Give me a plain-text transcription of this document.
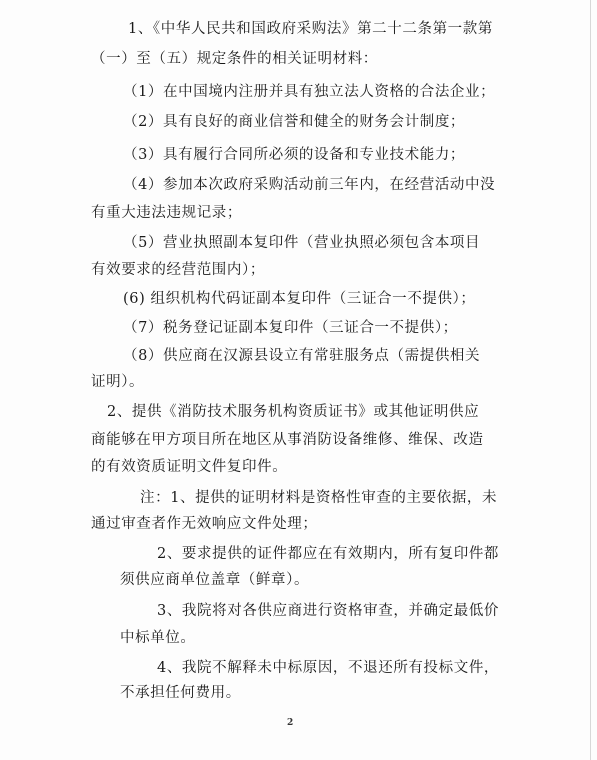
1、《中华人民共和国政府采购法》第二十二条第一款第
（一）至（五）规定条件的相关证明材料：
（1）在中国境内注册并具有独立法人资格的合法企业；
（2）具有良好的商业信誉和健全的财务会计制度；
（3）具有履行合同所必须的设备和专业技术能力；
（4）参加本次政府采购活动前三年内，在经营活动中没
有重大违法违规记录；
（5）营业执照副本复印件（营业执照必须包含本项目
有效要求的经营范围内）；
(6) 组织机构代码证副本复印件（三证合一不提供）；
（7）税务登记证副本复印件（三证合一不提供）；
（8）供应商在汉源县设立有常驻服务点（需提供相关
证明）。
2、提供《消防技术服务机构资质证书》或其他证明供应
商能够在甲方项目所在地区从事消防设备维修、维保、改造
的有效资质证明文件复印件。
注：1、提供的证明材料是资格性审查的主要依据，未
通过审查者作无效响应文件处理；
2、要求提供的证件都应在有效期内，所有复印件都
须供应商单位盖章（鲜章）。
3、我院将对各供应商进行资格审查，并确定最低价
中标单位。
4、我院不解释未中标原因，不退还所有投标文件，
不承担任何费用。
2
